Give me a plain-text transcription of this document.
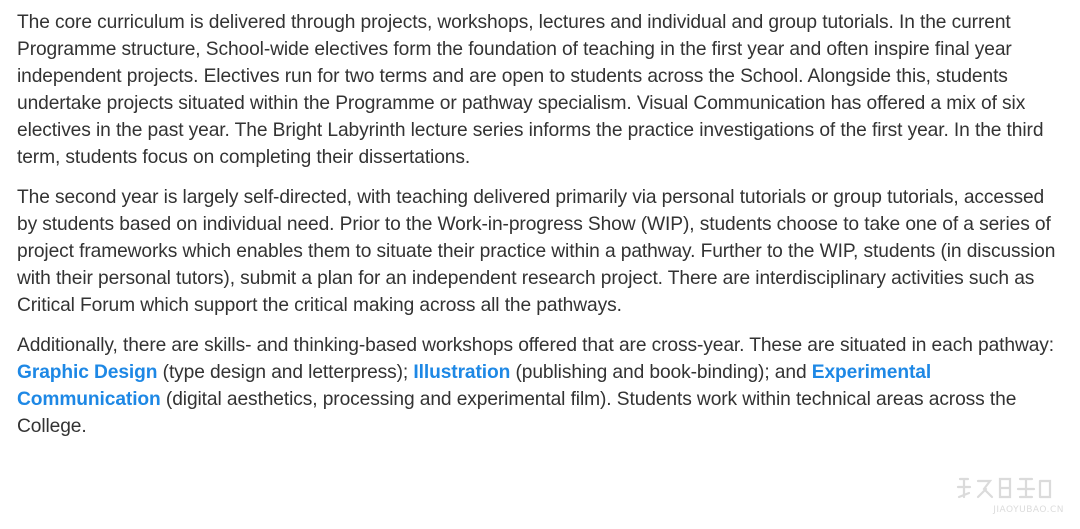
The core curriculum is delivered through projects, workshops, lectures and individual and group tutorials. In the current Programme structure, School-wide electives form the foundation of teaching in the first year and often inspire final year independent projects. Electives run for two terms and are open to students across the School. Alongside this, students undertake projects situated within the Programme or pathway specialism. Visual Communication has offered a mix of six electives in the past year. The Bright Labyrinth lecture series informs the practice investigations of the first year. In the third term, students focus on completing their dissertations.

The second year is largely self-directed, with teaching delivered primarily via personal tutorials or group tutorials, accessed by students based on individual need. Prior to the Work-in-progress Show (WIP), students choose to take one of a series of project frameworks which enables them to situate their practice within a pathway. Further to the WIP, students (in discussion with their personal tutors), submit a plan for an independent research project. There are interdisciplinary activities such as Critical Forum which support the critical making across all the pathways.

Additionally, there are skills- and thinking-based workshops offered that are cross-year. These are situated in each pathway: Graphic Design (type design and letterpress); Illustration (publishing and book-binding); and Experimental Communication (digital aesthetics, processing and experimental film). Students work within technical areas across the College.

JIAOYUBAO.CN
